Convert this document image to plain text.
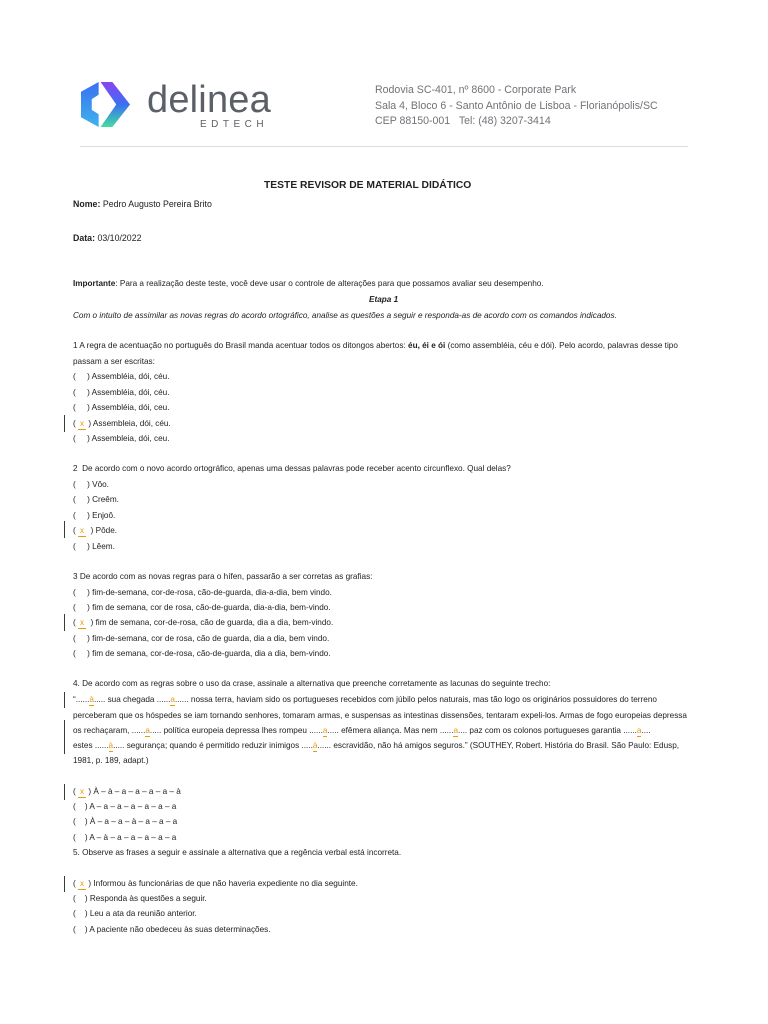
delinea
EDTECH
Rodovia SC-401, nº 8600 - Corporate Park
Sala 4, Bloco 6 - Santo Antônio de Lisboa - Florianópolis/SC
CEP 88150-001   Tel: (48) 3207-3414
TESTE REVISOR DE MATERIAL DIDÁTICO
Nome: Pedro Augusto Pereira Brito
Data: 03/10/2022
Importante : Para a realização deste teste, você deve usar o controle de alterações para que possamos avaliar seu desempenho.
Etapa 1
Com o intuito de assimilar as novas regras do acordo ortográfico, analise as questões a seguir e responda-as de acordo com os comandos indicados.
1 A regra de acentuação no português do Brasil manda acentuar todos os ditongos abertos: éu, éi e ói (como assembléia, céu e dói). Pelo acordo, palavras desse tipo
passam a ser escritas:
(     ) Assembléia, dói, céu.
(     ) Assembléia, dói, céu.
(     ) Assembléia, dói, ceu.
( x ) Assembleia, dói, céu.
(     ) Assembleia, dói, ceu.
2  De acordo com o novo acordo ortográfico, apenas uma dessas palavras pode receber acento circunflexo. Qual delas?
(     ) Vôo.
(     ) Creêm.
(     ) Enjoô.
( x ) Pôde.
(     ) Lêem.
3 De acordo com as novas regras para o hífen, passarão a ser corretas as grafias:
(     ) fim-de-semana, cor-de-rosa, cão-de-guarda, dia-a-dia, bem vindo.
(     ) fim de semana, cor de rosa, cão-de-guarda, dia-a-dia, bem-vindo.
( x ) fim de semana, cor-de-rosa, cão de guarda, dia a dia, bem-vindo.
(     ) fim-de-semana, cor de rosa, cão de guarda, dia a dia, bem vindo.
(     ) fim de semana, cor-de-rosa, cão-de-guarda, dia a dia, bem-vindo.
4. De acordo com as regras sobre o uso da crase, assinale a alternativa que preenche corretamente as lacunas do seguinte trecho:
“...... à ..... sua chegada ...... a ...... nossa terra, haviam sido os portugueses recebidos com júbilo pelos naturais, mas tão logo os originários possuidores do terreno
perceberam que os hóspedes se iam tornando senhores, tomaram armas, e suspensas as intestinas dissensões, tentaram expeli-los. Armas de fogo europeias depressa
os rechaçaram, ...... a ..... política europeia depressa lhes rompeu ...... a ..... efêmera aliança. Mas nem ...... a .... paz com os colonos portugueses garantia ...... a ....
estes ...... à ..... segurança; quando é permitido reduzir inimigos ..... à ...... escravidão, não há amigos seguros.” (SOUTHEY, Robert. História do Brasil. São Paulo: Edusp,
1981, p. 189, adapt.)
( x ) À – à – a – a – a – a – à
(    ) A – a – a – a – a – a – a
(    ) À – a – a – à – a – a – a
(    ) A – à – a – a – a – a – a
5. Observe as frases a seguir e assinale a alternativa que a regência verbal está incorreta.
( x ) Informou às funcionárias de que não haveria expediente no dia seguinte.
(    ) Responda às questões a seguir.
(    ) Leu a ata da reunião anterior.
(    ) A paciente não obedeceu às suas determinações.
